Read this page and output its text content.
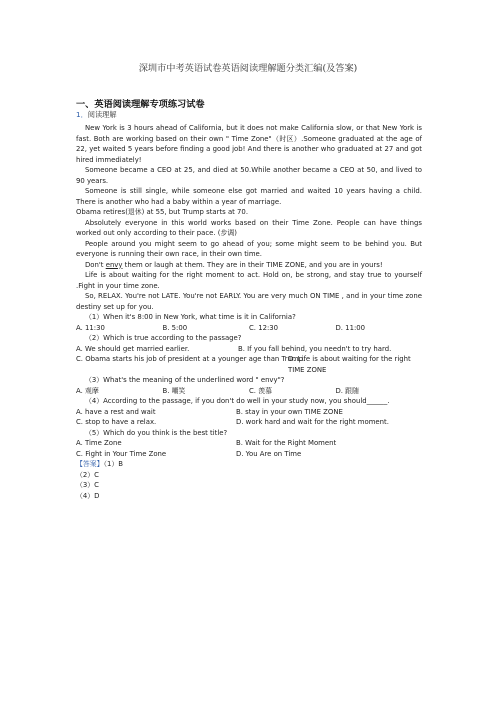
深圳市中考英语试卷英语阅读理解题分类汇编(及答案)
一、英语阅读理解专项练习试卷
1．阅读理解

New York is 3 hours ahead of California, but it does not make California slow, or that New York is fast. Both are working based on their own " Time Zone"（时区）.Someone graduated at the age of 22, yet waited 5 years before finding a good job! And there is another who graduated at 27 and got hired immediately!

Someone became a CEO at 25, and died at 50.While another became a CEO at 50, and lived to 90 years.

Someone is still single, while someone else got married and waited 10 years having a child. There is another who had a baby within a year of marriage.

Obama retires(退休) at 55, but Trump starts at 70.

Absolutely everyone in this world works based on their Time Zone. People can have things worked out only according to their pace. (步调)

People around you might seem to go ahead of you; some might seem to be behind you. But everyone is running their own race, in their own time.

Don't envy them or laugh at them. They are in their TIME ZONE, and you are in yours!

Life is about waiting for the right moment to act. Hold on, be strong, and stay true to yourself .Fight in your time zone.

So, RELAX. You're not LATE. You're not EARLY. You are very much ON TIME , and in your time zone destiny set up for you.

（1）When it's 8:00 in New York, what time is it in California?

A. 11:30	B. 5:00	C. 12:30	D. 11:00

（2）Which is true according to the passage?

A. We should get married earlier.	B. If you fall behind, you needn't to try hard.
C. Obama starts his job of president at a younger age than Trump.
D. Life is about waiting for the right TIME ZONE

（3）What's the meaning of the underlined word " envy"?

A. 观摩	B. 嘲笑	C. 羡慕	D. 跟随

（4）According to the passage, if you don't do well in your study now, you should______.

A. have a rest and wait	B. stay in your own TIME ZONE
C. stop to have a relax.	D. work hard and wait for the right moment.

（5）Which do you think is the best title?

A. Time Zone	B. Wait for the Right Moment
C. Fight in Your Time Zone	D. You Are on Time

【答案】（1）B

（2）C

（3）C

（4）D
